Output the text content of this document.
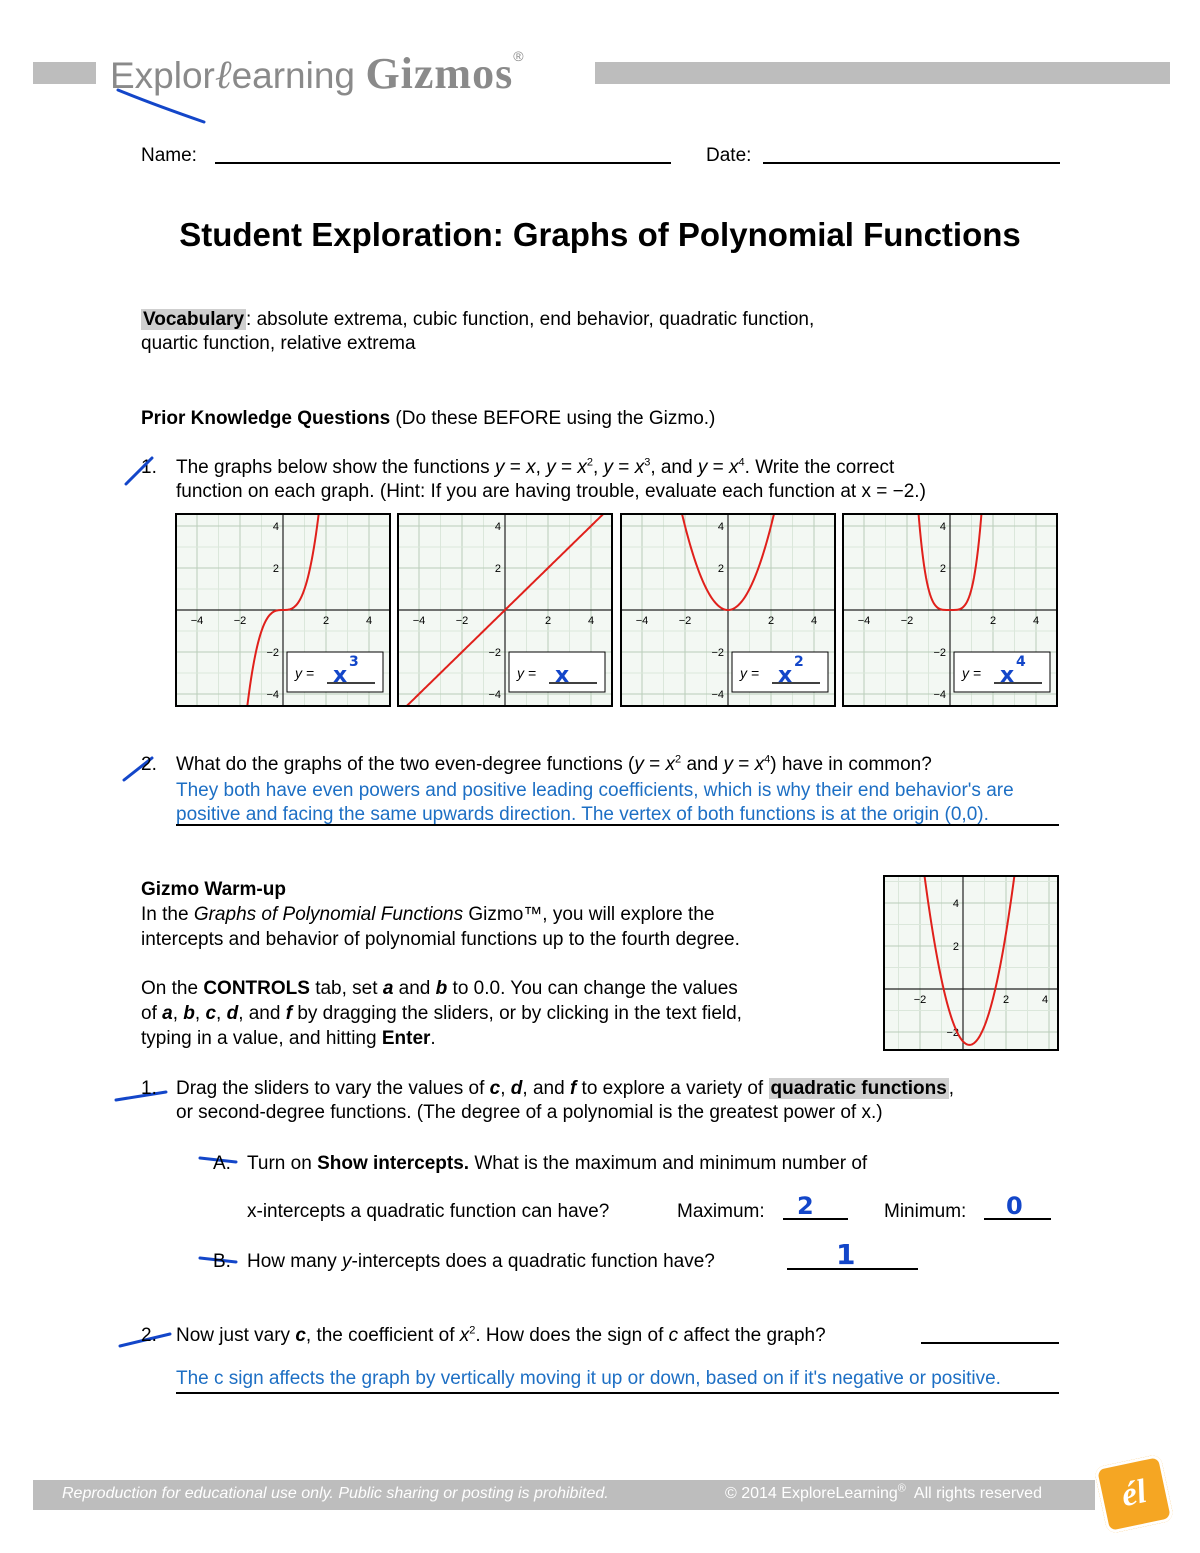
Explorℓearning Gizmos®
Name:	Date:
Student Exploration: Graphs of Polynomial Functions
Vocabulary : absolute extrema, cubic function, end behavior, quadratic function,
quartic function, relative extrema
Prior Knowledge Questions (Do these BEFORE using the Gizmo.)
1. The graphs below show the functions y = x, $y = x^2$, $y = x^3$, and $y = x^4$. Write the correct
function on each graph. (Hint: If you are having trouble, evaluate each function at x = −2.)
−4	−2	2	4
4
2
−2
−4
y = x
3
−4	−2	2	4
4
2
−2
−4
y = x
−4	−2	2	4
4
2
−2
−4
y = x
2
−4	−2	2	4
4
2
−2
−4
y = x
4
2. What do the graphs of the two even-degree functions ($y = x^2$ and $y = x^4$) have in common?
They both have even powers and positive leading coefficients, which is why their end behavior's are
positive and facing the same upwards direction. The vertex of both functions is at the origin (0,0).
Gizmo Warm-up
In the Graphs of Polynomial Functions Gizmo™, you will explore the
intercepts and behavior of polynomial functions up to the fourth degree.
On the CONTROLS tab, set a and b to 0.0. You can change the values
of a, b, c, d, and f by dragging the sliders, or by clicking in the text field,
typing in a value, and hitting Enter.
−2	2	4
4
2
−2
1. Drag the sliders to vary the values of c, d, and f to explore a variety of quadratic functions ,
or second-degree functions. (The degree of a polynomial is the greatest power of x.)
A. Turn on Show intercepts. What is the maximum and minimum number of
x-intercepts a quadratic function can have?	Maximum: 2	Minimum: 0
B. How many y-intercepts does a quadratic function have?	1
2. Now just vary c, the coefficient of $x^2$. How does the sign of c affect the graph?
The c sign affects the graph by vertically moving it up or down, based on if it's negative or positive.
Reproduction for educational use only. Public sharing or posting is prohibited.	© 2014 ExploreLearning®  All rights reserved	él
